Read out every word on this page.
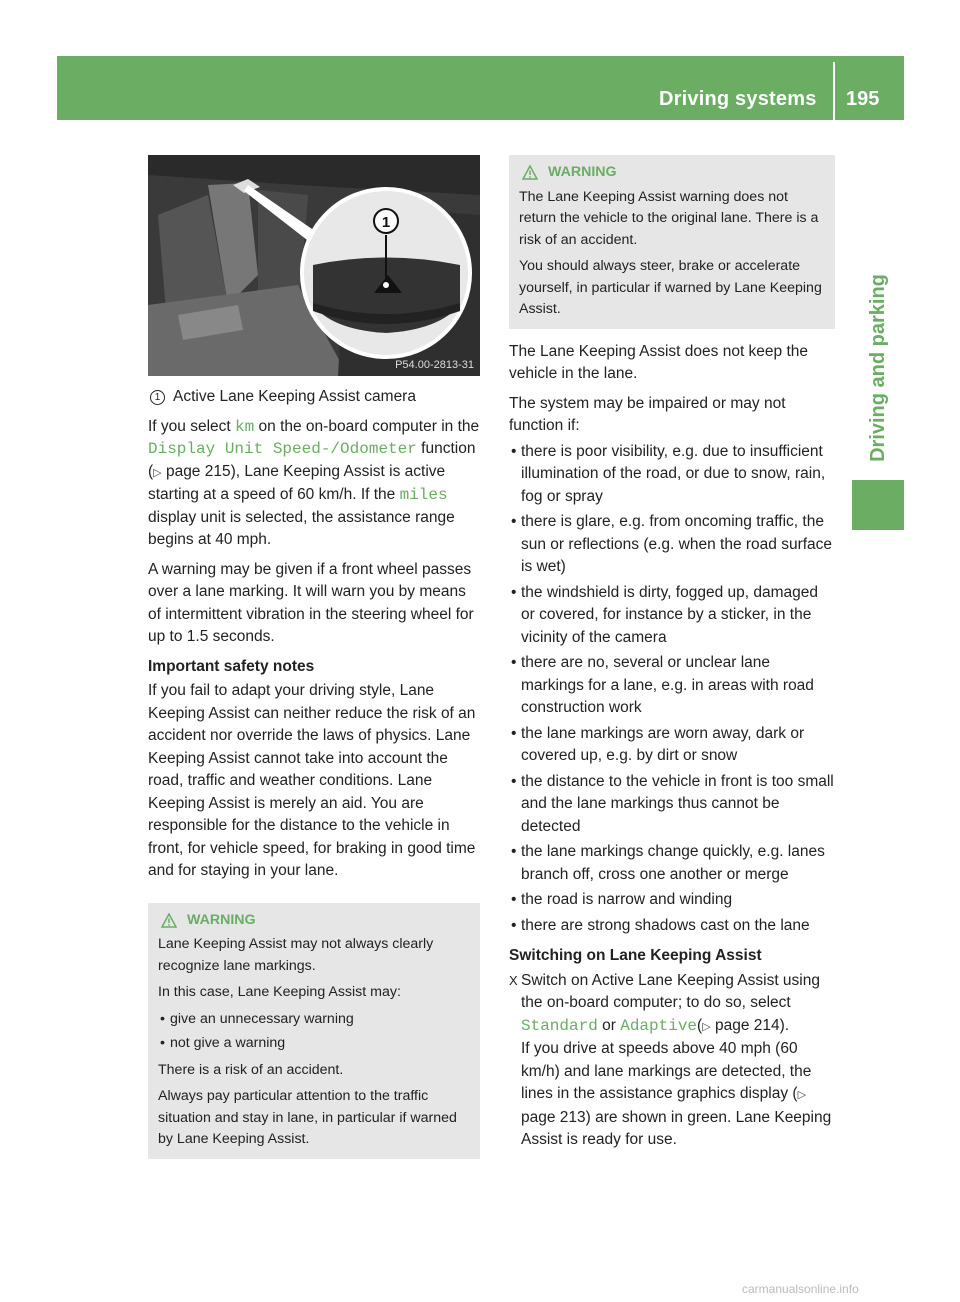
Driving systems 195
Driving and parking
1
P54.00-2813-31

1 Active Lane Keeping Assist camera

If you select km on the on-board computer in the Display Unit Speed-/Odometer function (▷ page 215), Lane Keeping Assist is active starting at a speed of 60 km/h. If the miles display unit is selected, the assistance range begins at 40 mph.

A warning may be given if a front wheel passes over a lane marking. It will warn you by means of intermittent vibration in the steering wheel for up to 1.5 seconds.

Important safety notes

If you fail to adapt your driving style, Lane Keeping Assist can neither reduce the risk of an accident nor override the laws of physics. Lane Keeping Assist cannot take into account the road, traffic and weather conditions. Lane Keeping Assist is merely an aid. You are responsible for the distance to the vehicle in front, for vehicle speed, for braking in good time and for staying in your lane.

WARNING

Lane Keeping Assist may not always clearly recognize lane markings.

In this case, Lane Keeping Assist may:

• give an unnecessary warning
• not give a warning

There is a risk of an accident.

Always pay particular attention to the traffic situation and stay in lane, in particular if warned by Lane Keeping Assist.

WARNING

The Lane Keeping Assist warning does not return the vehicle to the original lane. There is a risk of an accident.

You should always steer, brake or accelerate yourself, in particular if warned by Lane Keeping Assist.

The Lane Keeping Assist does not keep the vehicle in the lane.

The system may be impaired or may not function if:

• there is poor visibility, e.g. due to insufficient illumination of the road, or due to snow, rain, fog or spray
• there is glare, e.g. from oncoming traffic, the sun or reflections (e.g. when the road surface is wet)
• the windshield is dirty, fogged up, damaged or covered, for instance by a sticker, in the vicinity of the camera
• there are no, several or unclear lane markings for a lane, e.g. in areas with road construction work
• the lane markings are worn away, dark or covered up, e.g. by dirt or snow
• the distance to the vehicle in front is too small and the lane markings thus cannot be detected
• the lane markings change quickly, e.g. lanes branch off, cross one another or merge
• the road is narrow and winding
• there are strong shadows cast on the lane

Switching on Lane Keeping Assist

X Switch on Active Lane Keeping Assist using the on-board computer; to do so, select Standard or Adaptive(▷ page 214).
If you drive at speeds above 40 mph (60 km/h) and lane markings are detected, the lines in the assistance graphics display (▷ page 213) are shown in green. Lane Keeping Assist is ready for use.
carmanualsonline.info
